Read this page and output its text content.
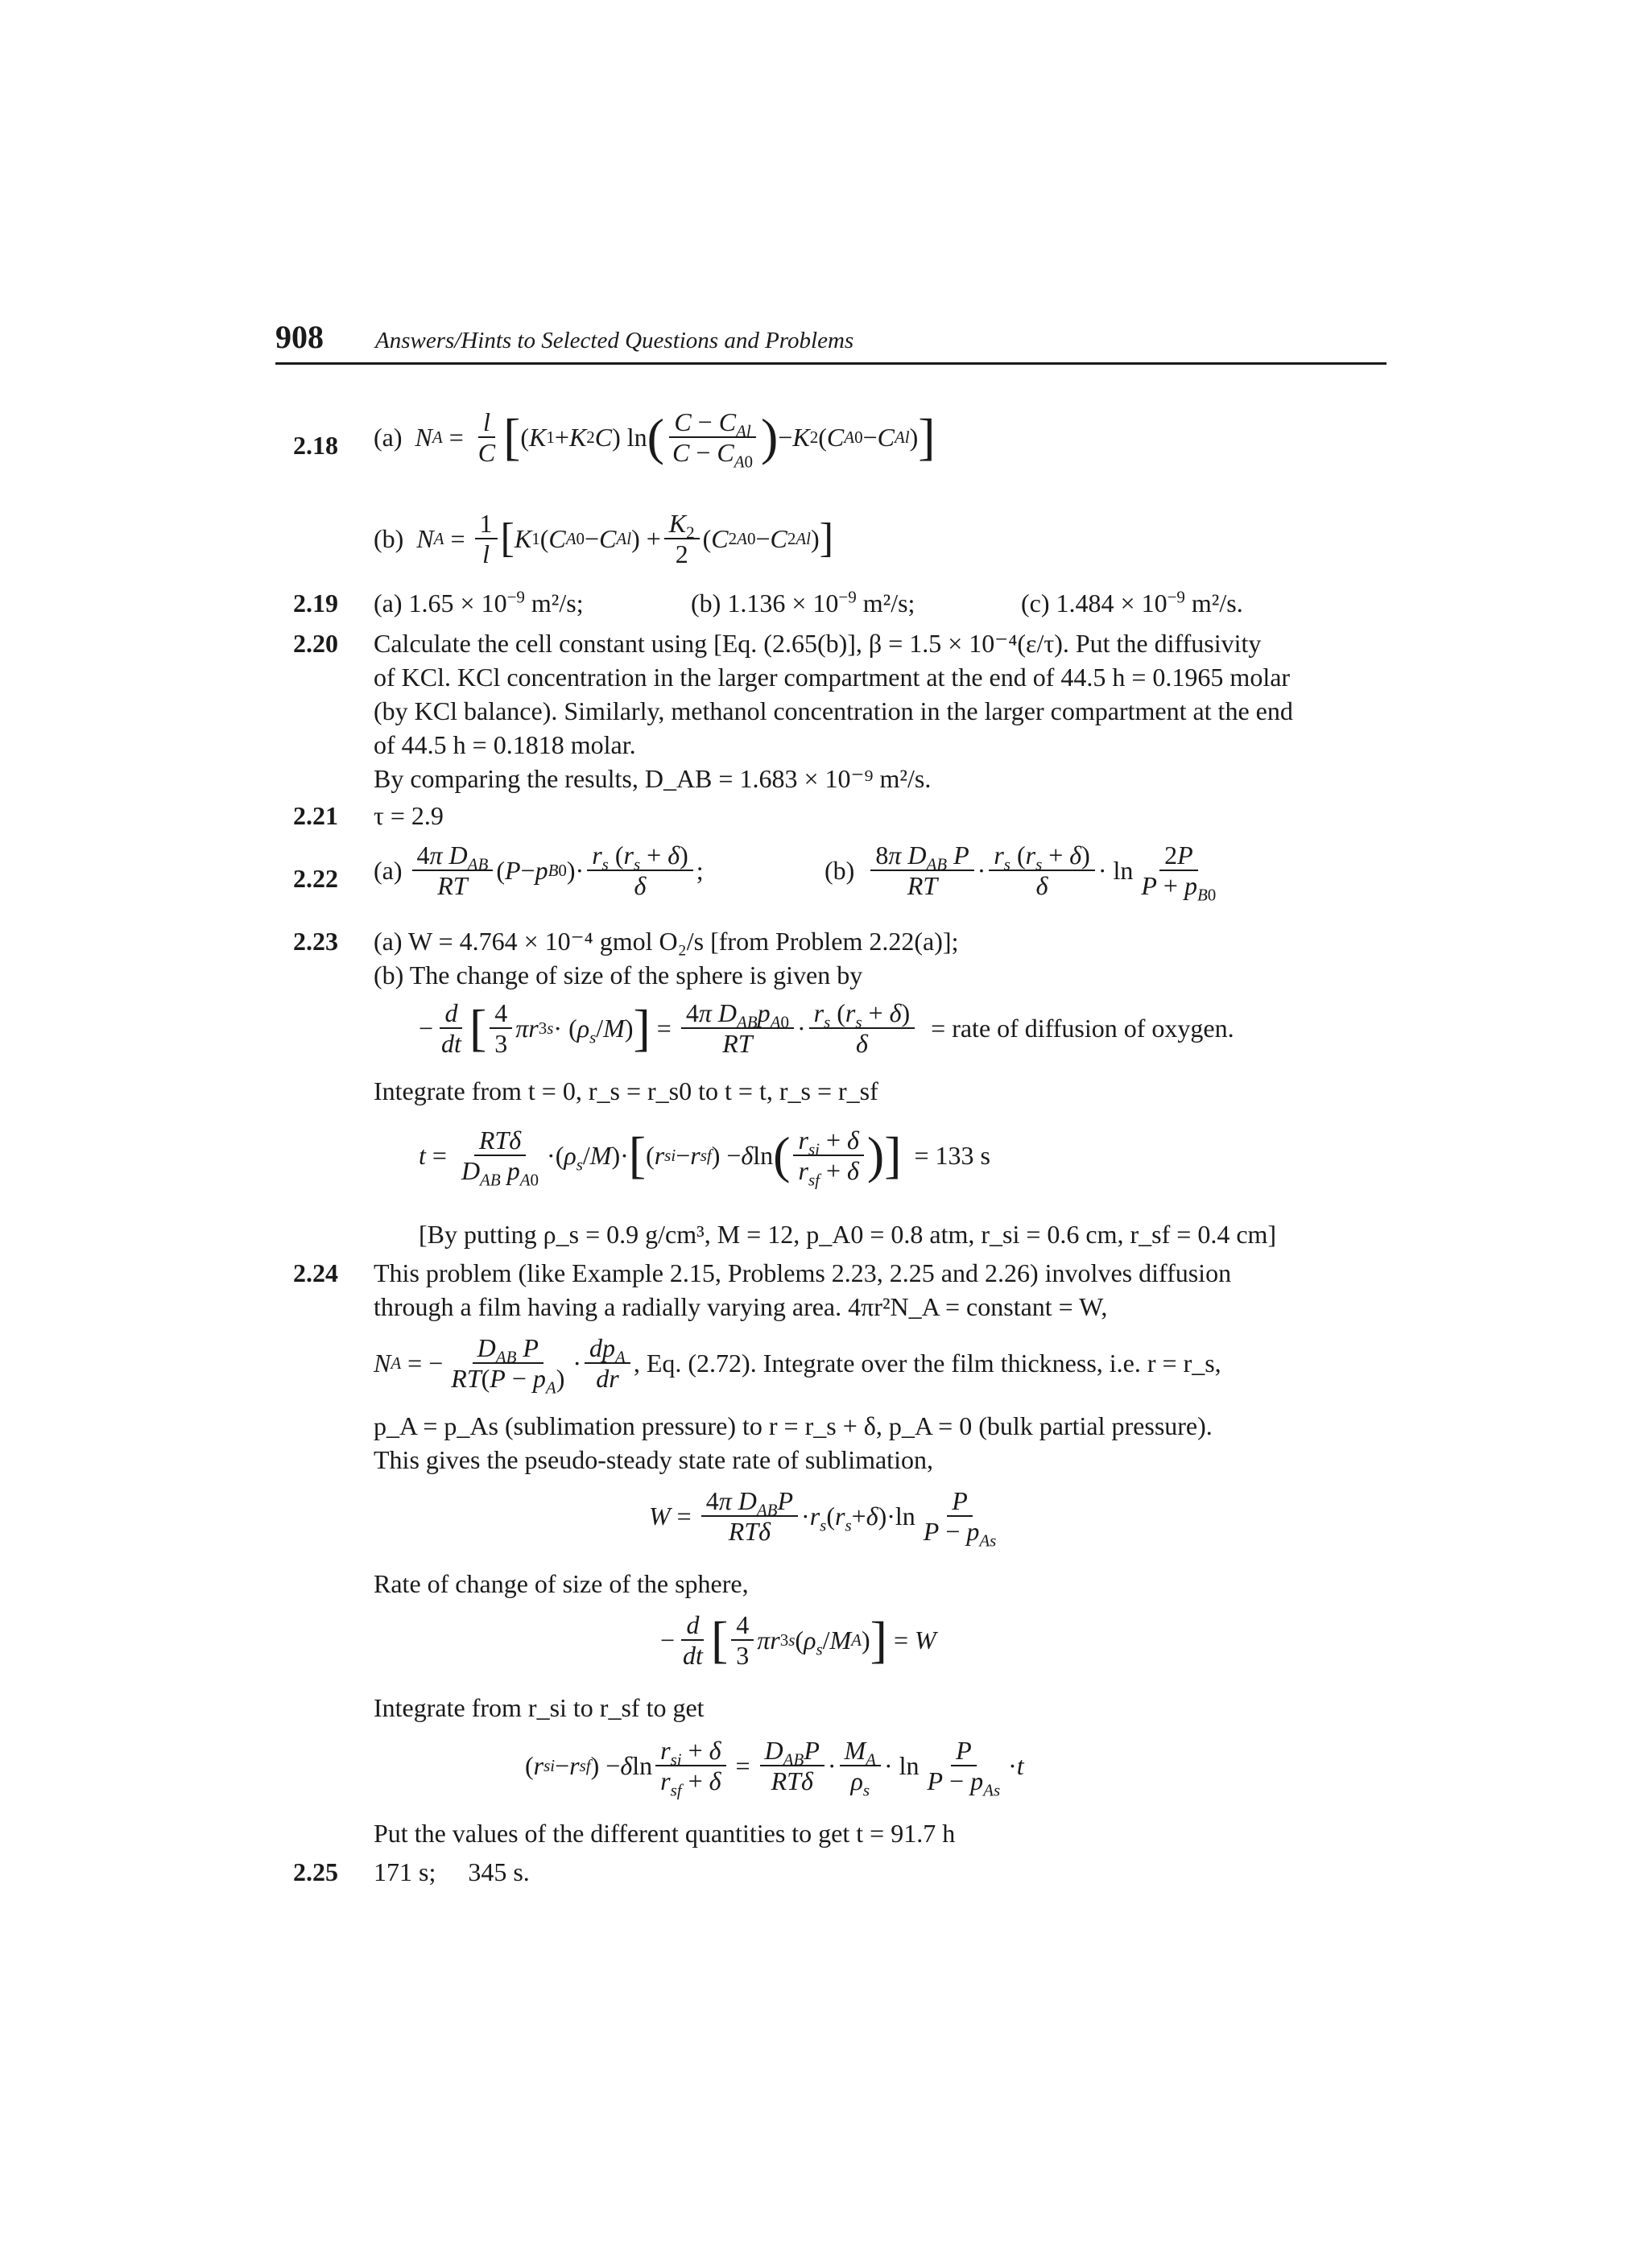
908 Answers/Hints to Selected Questions and Problems
2.18 (a)
N $A = \frac{l}{C}$ [ ( K 1 + K 2 C ) ln ( $\frac{C - C_{Al}}{C - C_{A0}}$ ) − K 2 ( C A 0 − C Al ) ]
(b)
N $A = \frac{1}{l}$ [ K 1 ( C A 0 − C Al ) + $\frac{K_2}{2}$ ( C 2 A 0 − C 2 Al ) ]
2.19 (a) $1.65 \times 10^{-9}$ m²/s;	(b) $1.136 \times 10^{-9}$ m²/s;	(c) $1.484 \times 10^{-9}$ m²/s.
2.20 Calculate the cell constant using [Eq. (2.65(b)], β = 1.5 × 10⁻⁴(ε/τ). Put the diffusivity
of KCl. KCl concentration in the larger compartment at the end of 44.5 h = 0.1965 molar
(by KCl balance). Similarly, methanol concentration in the larger compartment at the end
of 44.5 h = 0.1818 molar.
By comparing the results, D_AB = 1.683 × 10⁻⁹ m²/s.
2.21 τ = 2.9
2.22 (a)
$\frac{4\pi D_{AB}}{RT}$ ( P − p B 0 )· $\frac{r_s (r_s + \delta)}{\delta}$ ;	(b)
$\frac{8\pi D_{AB} P}{RT} \cdot \frac{r_s (r_s + \delta)}{\delta} \cdot \ln \frac{2P}{P + p_{B0}}$
2.23 (a) W = 4.764 × 10⁻⁴ gmol O₂/s [from Problem 2.22(a)];
(b) The change of size of the sphere is given by
− $\frac{d}{dt}$ [ $\frac{4}{3}$ πr 3 s · ( $\rho_s$ / M ) ] = $\frac{4\pi D_{AB}p_{A0}}{RT} \cdot \frac{r_s (r_s + \delta)}{\delta}$
= rate of diffusion of oxygen.
Integrate from t = 0, r_s = r_s0 to t = t, r_s = r_sf
$t = \frac{\text{RTδ}}{D_{AB} p_{A0}}$ ·( $\rho_s$ / M )· [ ( r si − r sf ) − δ ln ( $\frac{r_{si} + \delta}{r_{sf} + \delta}$ ) ]
= 133 s
[By putting ρ_s = 0.9 g/cm³, M = 12, p_A0 = 0.8 atm, r_si = 0.6 cm, r_sf = 0.4 cm]
2.24 This problem (like Example 2.15, Problems 2.23, 2.25 and 2.26) involves diffusion
through a film having a radially varying area. 4πr²N_A = constant = W,
N A = − $\frac{D_{AB} P}{RT(P - p_A)} \cdot \frac{dp_A}{dr}$ , Eq. (2.72). Integrate over the film thickness, i.e. r = r_s,
p_A = p_As (sublimation pressure) to r = r_s + δ, p_A = 0 (bulk partial pressure).
This gives the pseudo-steady state rate of sublimation,
$W = \frac{4\pi D_{AB}P}{\text{RTδ}} \cdot r_s$ ( $r_s + \delta$ )$\cdot\ln \frac{P}{P - p_{As}}$
Rate of change of size of the sphere,
− $\frac{d}{dt}$ [ $\frac{4}{3}$ πr 3 s ( $\rho_s$ / M A ) ] = W
Integrate from r_si to r_sf to get
( r si − r sf ) − δ $\ln \frac{r_{si} + \delta}{r_{sf} + \delta} = \frac{D_{AB}P}{\text{RTδ}} \cdot \frac{M_A}{\rho_s} \cdot \ln \frac{P}{P - p_{As}} \cdot t$
Put the values of the different quantities to get t = 91.7 h
2.25 171 s;     345 s.
